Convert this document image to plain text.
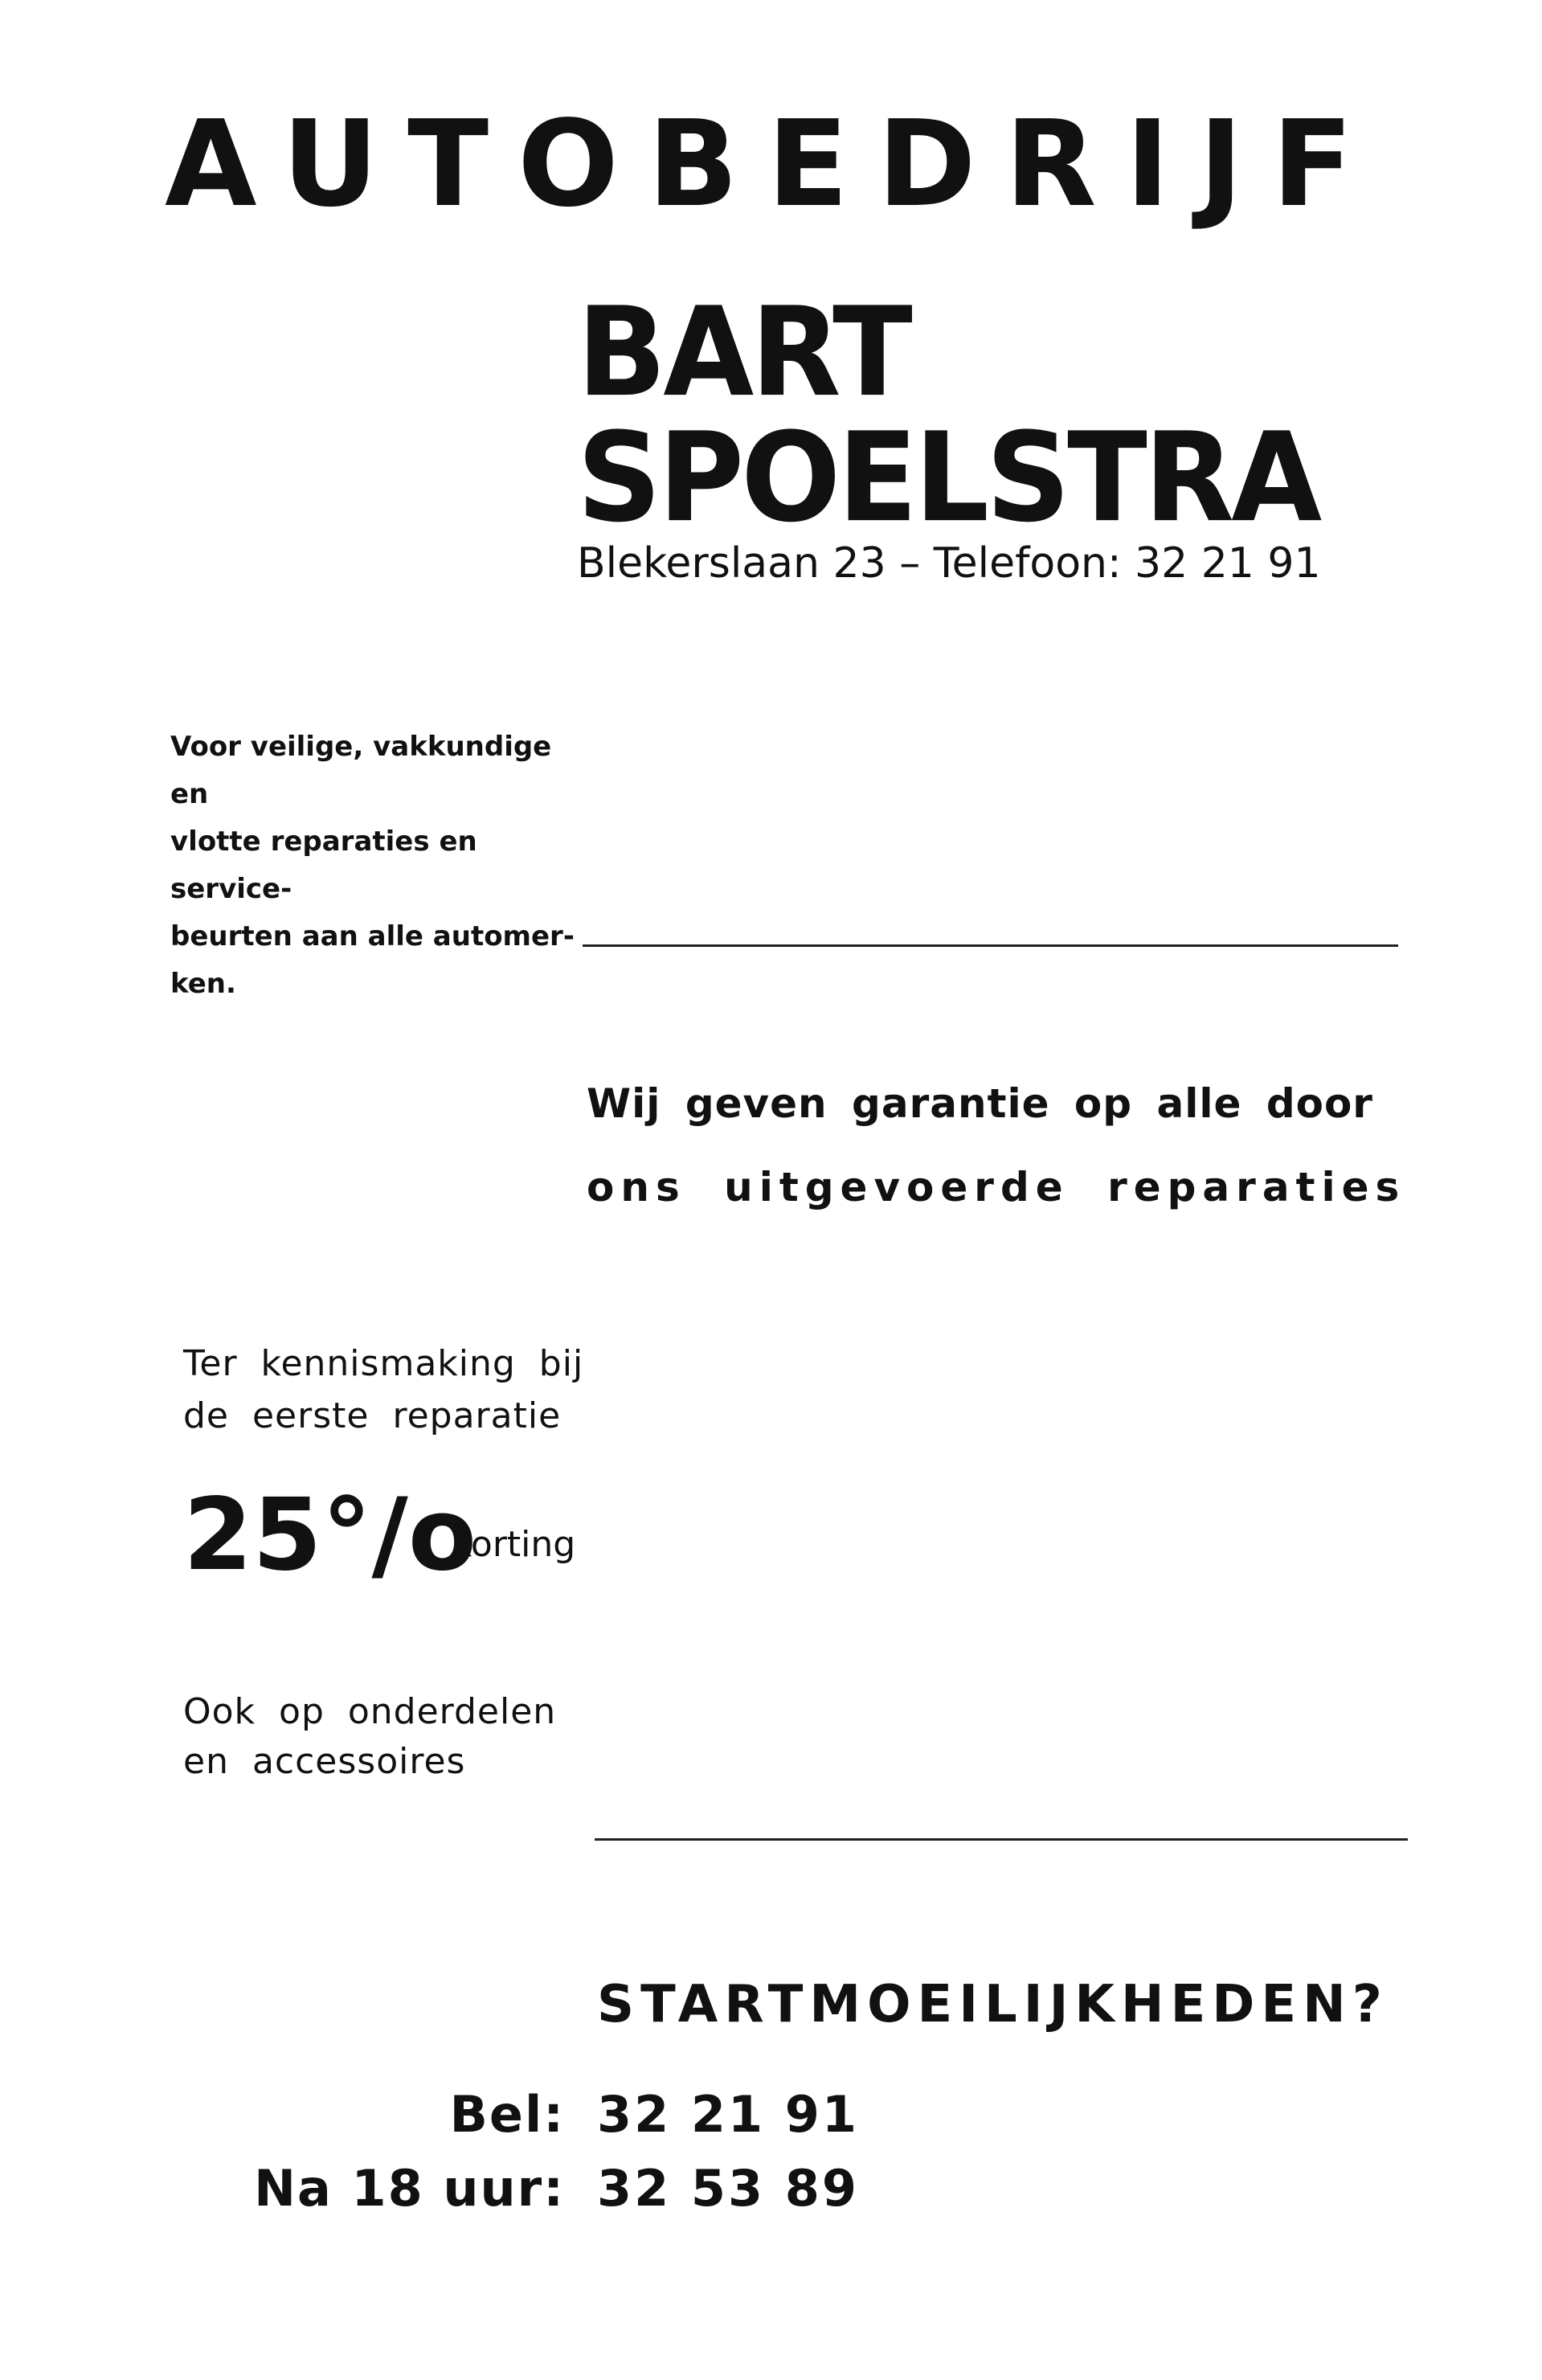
AUTOBEDRIJF
BART
SPOELSTRA
Blekerslaan 23 – Telefoon: 32 21 91

Voor veilige, vakkundige en

vlotte reparaties en service-

beurten aan alle automer-

ken.

Wij geven garantie op alle door
ons uitgevoerde reparaties
Ter kennismaking bij
de eerste reparatie
25°/o
korting
Ook op onderdelen
en accessoires
STARTMOEILIJKHEDEN?
Bel: 32 21 91
Na 18 uur: 32 53 89
